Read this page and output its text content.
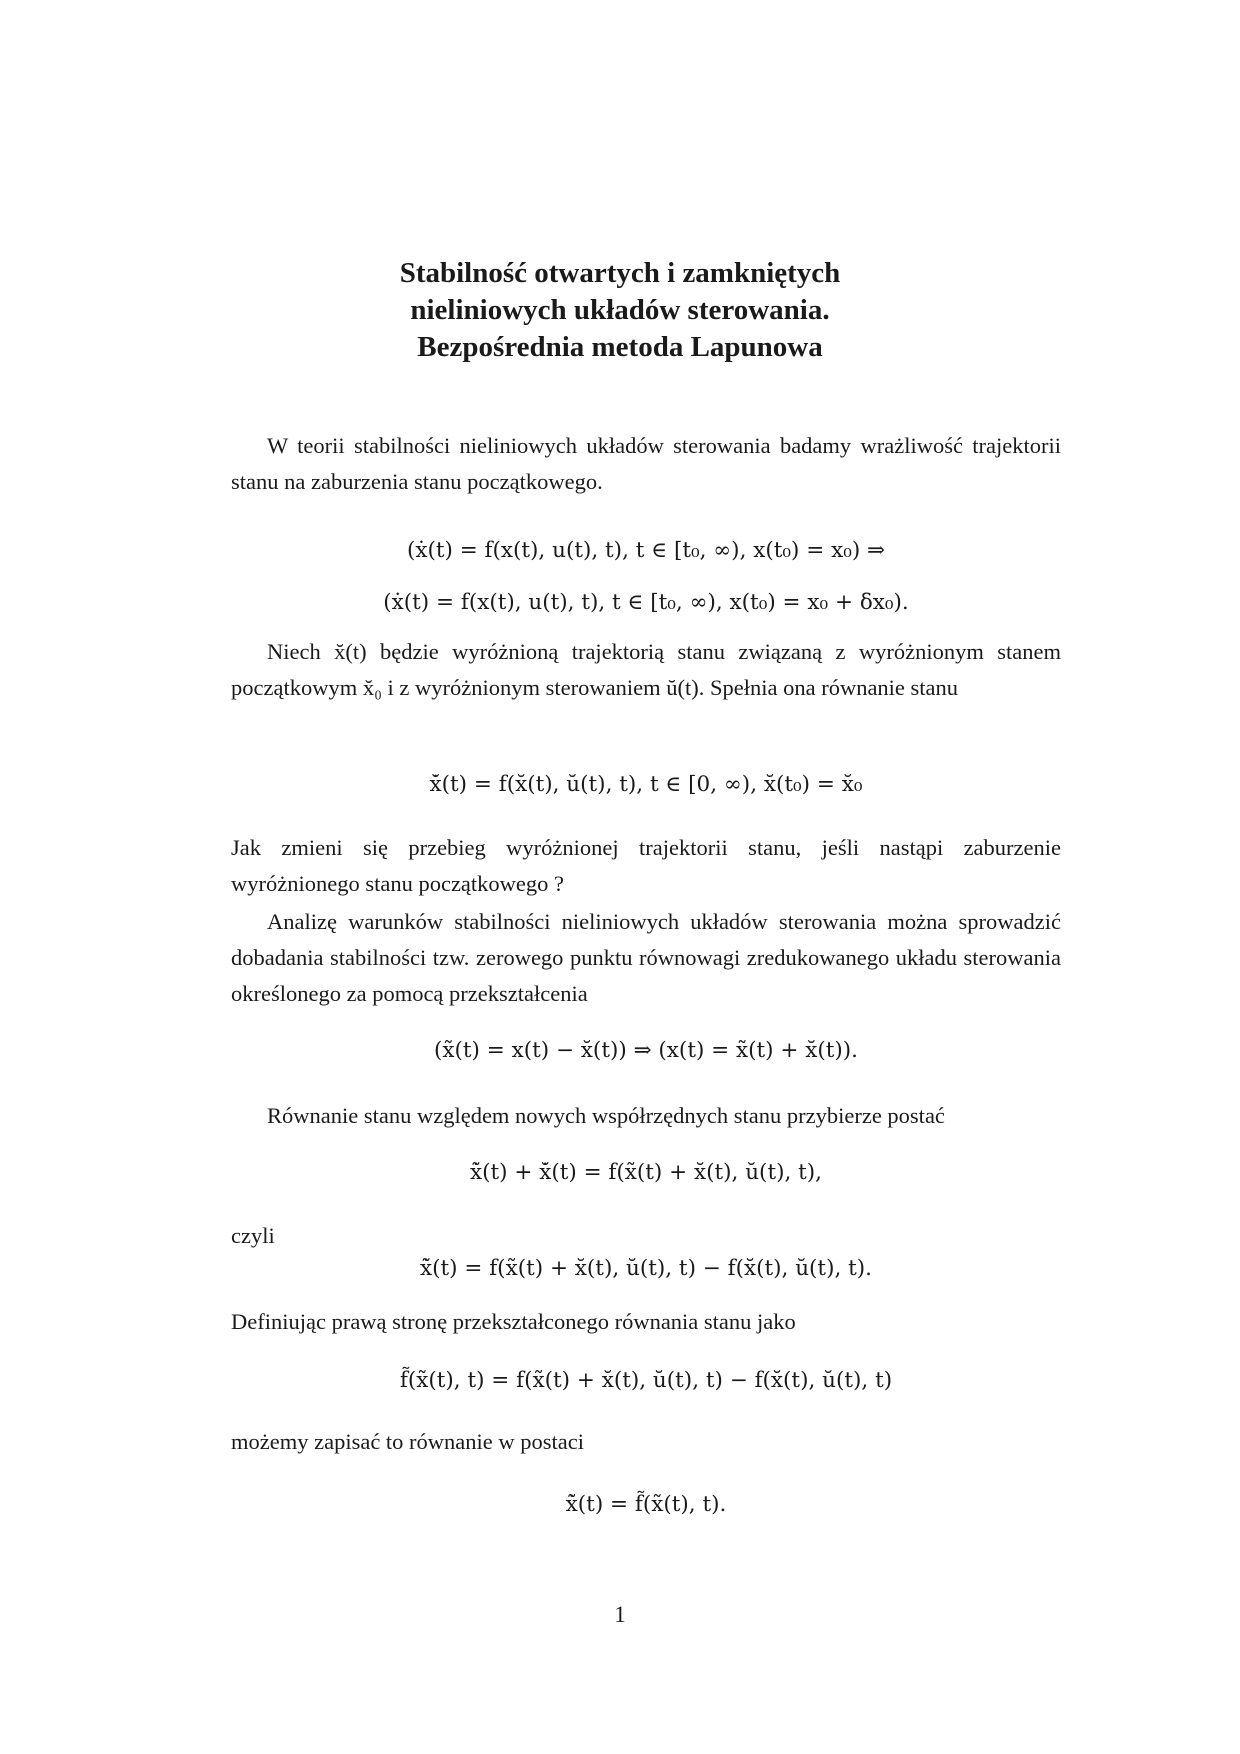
Stabilność otwartych i zamkniętych
nieliniowych układów sterowania.
Bezpośrednia metoda Lapunowa
W teorii stabilności nieliniowych układów sterowania badamy wrażliwość trajektorii stanu na zaburzenia stanu początkowego.
(ẋ(t) = f(x(t), u(t), t), t ∈ [t₀, ∞), x(t₀) = x₀) ⇒
(ẋ(t) = f(x(t), u(t), t), t ∈ [t₀, ∞), x(t₀) = x₀ + δx₀).
Niech x̆(t) będzie wyróżnioną trajektorią stanu związaną z wyróżnionym stanem początkowym x̆₀ i z wyróżnionym sterowaniem ŭ(t). Spełnia ona równanie stanu
x̆̇(t) = f(x̆(t), ŭ(t), t), t ∈ [0, ∞), x̆(t₀) = x̆₀
Jak zmieni się przebieg wyróżnionej trajektorii stanu, jeśli nastąpi zaburzenie wyróżnionego stanu początkowego ?
Analizę warunków stabilności nieliniowych układów sterowania można sprowadzić dobadania stabilności tzw. zerowego punktu równowagi zredukowanego układu sterowania określonego za pomocą przekształcenia
(x̃(t) = x(t) − x̆(t)) ⇒ (x(t) = x̃(t) + x̆(t)).
Równanie stanu względem nowych współrzędnych stanu przybierze postać
x̃̇(t) + x̆̇(t) = f(x̃(t) + x̆(t), ŭ(t), t),
czyli
x̃̇(t) = f(x̃(t) + x̆(t), ŭ(t), t) − f(x̆(t), ŭ(t), t).
Definiując prawą stronę przekształconego równania stanu jako
f̃(x̃(t), t) = f(x̃(t) + x̆(t), ŭ(t), t) − f(x̆(t), ŭ(t), t)
możemy zapisać to równanie w postaci
x̃̇(t) = f̃(x̃(t), t).
1
